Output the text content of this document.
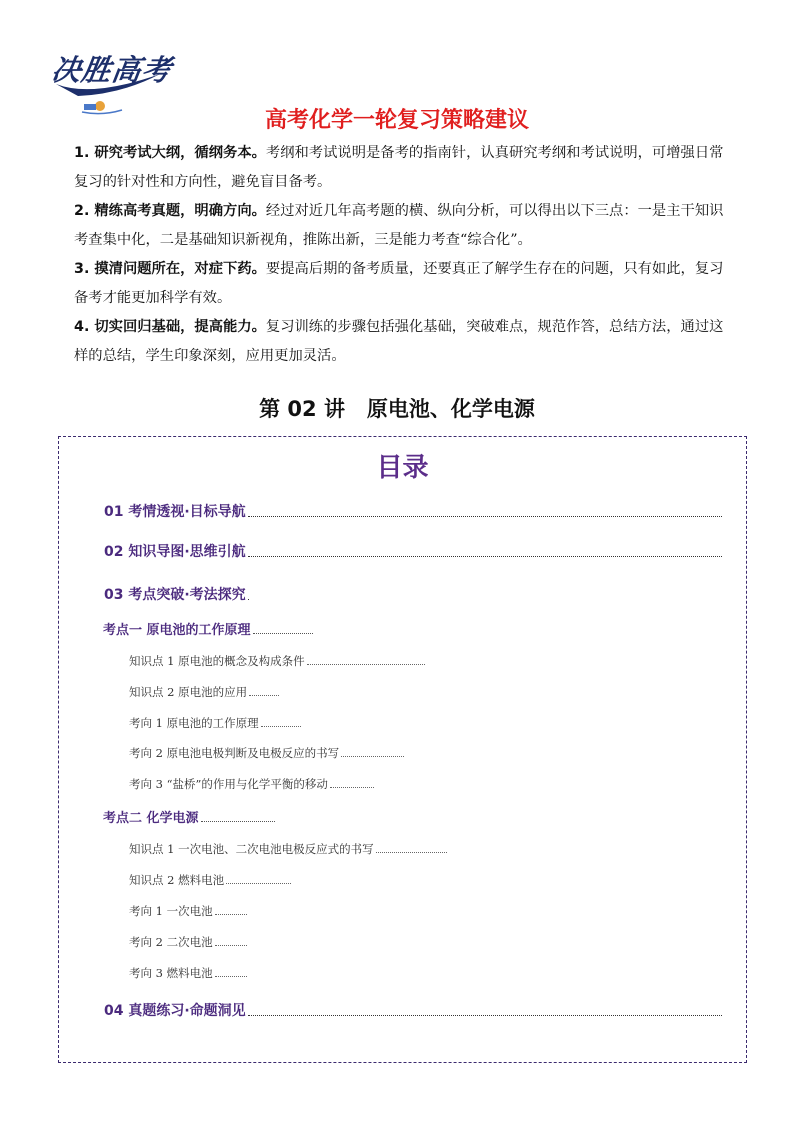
决胜高考
高考化学一轮复习策略建议

1. 研究考试大纲，循纲务本。考纲和考试说明是备考的指南针，认真研究考纲和考试说明，可增强日常复习的针对性和方向性，避免盲目备考。

2. 精练高考真题，明确方向。经过对近几年高考题的横、纵向分析，可以得出以下三点：一是主干知识考查集中化，二是基础知识新视角，推陈出新，三是能力考查“综合化”。

3. 摸清问题所在，对症下药。要提高后期的备考质量，还要真正了解学生存在的问题，只有如此，复习备考才能更加科学有效。

4. 切实回归基础，提高能力。复习训练的步骤包括强化基础，突破难点，规范作答，总结方法，通过这样的总结，学生印象深刻，应用更加灵活。

第 02 讲   原电池、化学电源
目录
01 考情透视·目标导航
02 知识导图·思维引航
03 考点突破·考法探究
考点一 原电池的工作原理
知识点 1 原电池的概念及构成条件
知识点 2 原电池的应用
考向 1 原电池的工作原理
考向 2 原电池电极判断及电极反应的书写
考向 3 “盐桥”的作用与化学平衡的移动
考点二 化学电源
知识点 1 一次电池、二次电池电极反应式的书写
知识点 2 燃料电池
考向 1 一次电池
考向 2 二次电池
考向 3 燃料电池
04 真题练习·命题洞见
